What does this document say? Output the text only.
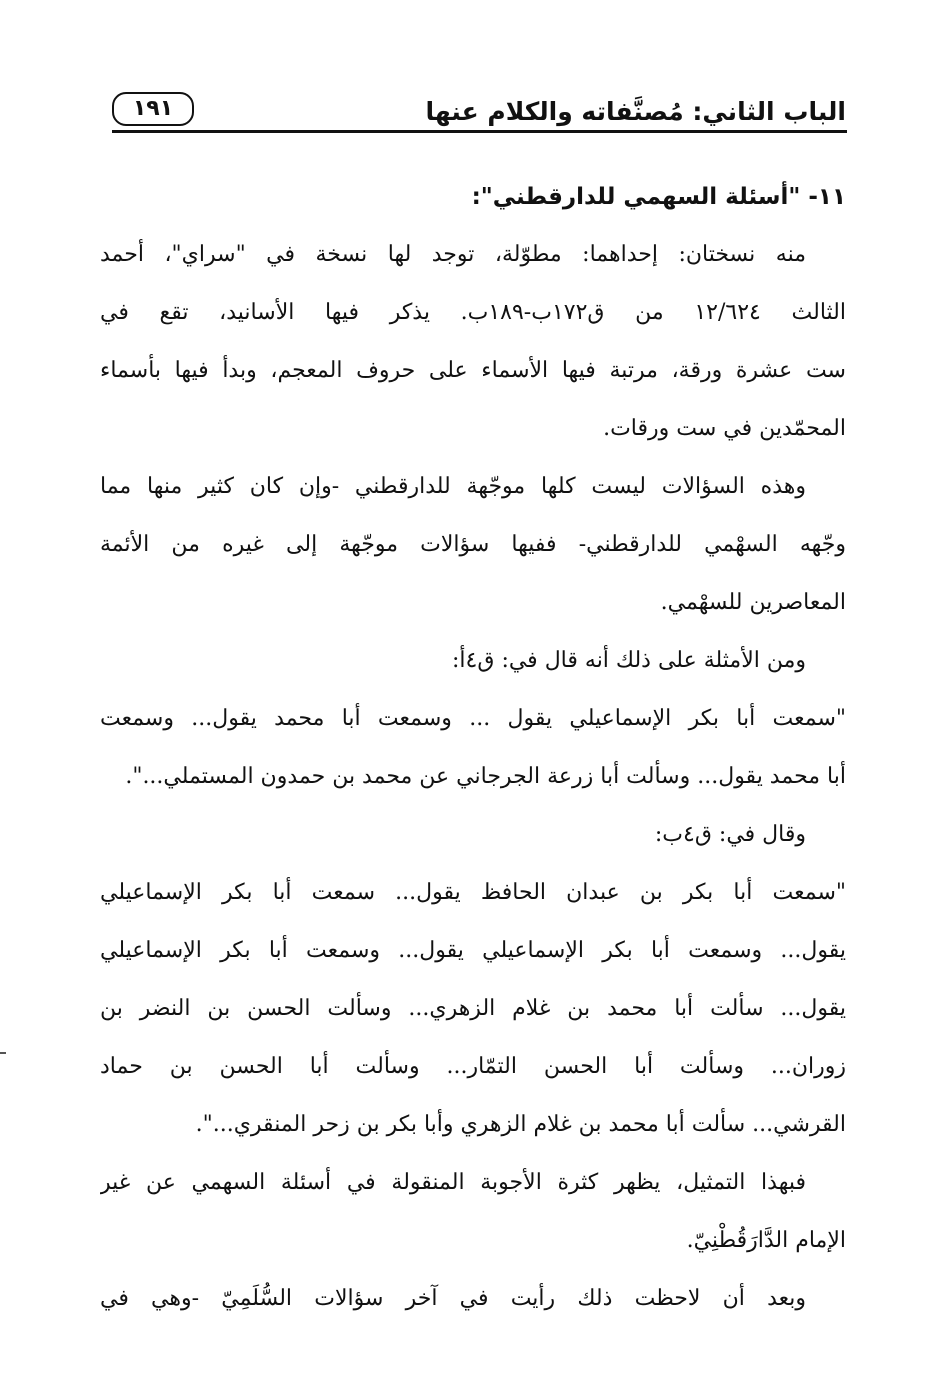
الباب الثاني: مُصنَّفاته والكلام عنها
١٩١
١١- "أسئلة السهمي للدارقطني":
منه نسختان: إحداهما: مطوّلة، توجد لها نسخة في "سراي"، أحمد
الثالث ١٢/٦٢٤ من ق١٧٢ب-١٨٩ب. يذكر فيها الأسانيد، تقع في
ست عشرة ورقة، مرتبة فيها الأسماء على حروف المعجم، وبدأ فيها بأسماء
المحمّدين في ست ورقات.
وهذه السؤالات ليست كلها موجّهة للدارقطني -وإن كان كثير منها مما
وجّهه السهْمي للدارقطني- ففيها سؤالات موجّهة إلى غيره من الأئمة
المعاصرين للسهْمي.
ومن الأمثلة على ذلك أنه قال في: ق٤أ:
"سمعت أبا بكر الإسماعيلي يقول ... وسمعت أبا محمد يقول... وسمعت
أبا محمد يقول... وسألت أبا زرعة الجرجاني عن محمد بن حمدون المستملي...".
وقال في: ق٤ب:
"سمعت أبا بكر بن عبدان الحافظ يقول... سمعت أبا بكر الإسماعيلي
يقول... وسمعت أبا بكر الإسماعيلي يقول... وسمعت أبا بكر الإسماعيلي
يقول... سألت أبا محمد بن غلام الزهري... وسألت الحسن بن النضر بن
زوران... وسألت أبا الحسن التمّار... وسألت أبا الحسن بن حماد
القرشي... سألت أبا محمد بن غلام الزهري وأبا بكر بن زحر المنقري...".
فبهذا التمثيل، يظهر كثرة الأجوبة المنقولة في أسئلة السهمي عن غير
الإمام الدَّارَقُطْنِيّ.
وبعد أن لاحظت ذلك رأيت في آخر سؤالات السُّلَمِيّ -وهي في
